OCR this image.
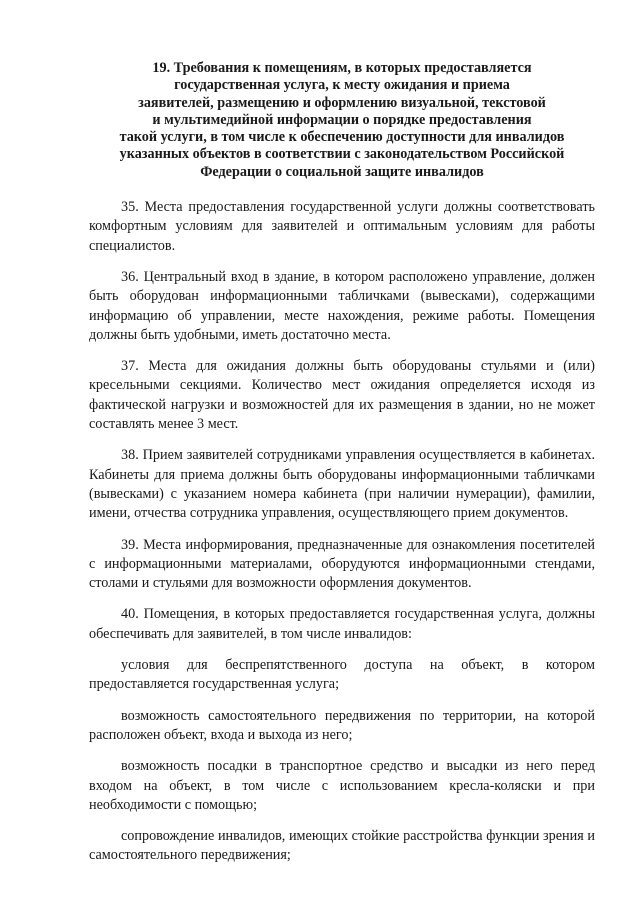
19. Требования к помещениям, в которых предоставляется
государственная услуга, к месту ожидания и приема
заявителей, размещению и оформлению визуальной, текстовой
и мультимедийной информации о порядке предоставления
такой услуги, в том числе к обеспечению доступности для инвалидов
указанных объектов в соответствии с законодательством Российской
Федерации о социальной защите инвалидов

35. Места предоставления государственной услуги должны соответствовать комфортным условиям для заявителей и оптимальным условиям для работы специалистов.

36. Центральный вход в здание, в котором расположено управление, должен быть оборудован информационными табличками (вывесками), содержащими информацию об управлении, месте нахождения, режиме работы. Помещения должны быть удобными, иметь достаточно места.

37. Места для ожидания должны быть оборудованы стульями и (или) кресельными секциями. Количество мест ожидания определяется исходя из фактической нагрузки и возможностей для их размещения в здании, но не может составлять менее 3 мест.

38. Прием заявителей сотрудниками управления осуществляется в кабинетах. Кабинеты для приема должны быть оборудованы информационными табличками (вывесками) с указанием номера кабинета (при наличии нумерации), фамилии, имени, отчества сотрудника управления, осуществляющего прием документов.

39. Места информирования, предназначенные для ознакомления посетителей с информационными материалами, оборудуются информационными стендами, столами и стульями для возможности оформления документов.

40. Помещения, в которых предоставляется государственная услуга, должны обеспечивать для заявителей, в том числе инвалидов:

условия для беспрепятственного доступа на объект, в котором предоставляется государственная услуга;

возможность самостоятельного передвижения по территории, на которой расположен объект, входа и выхода из него;

возможность посадки в транспортное средство и высадки из него перед входом на объект, в том числе с использованием кресла-коляски и при необходимости с помощью;

сопровождение инвалидов, имеющих стойкие расстройства функции зрения и самостоятельного передвижения;
